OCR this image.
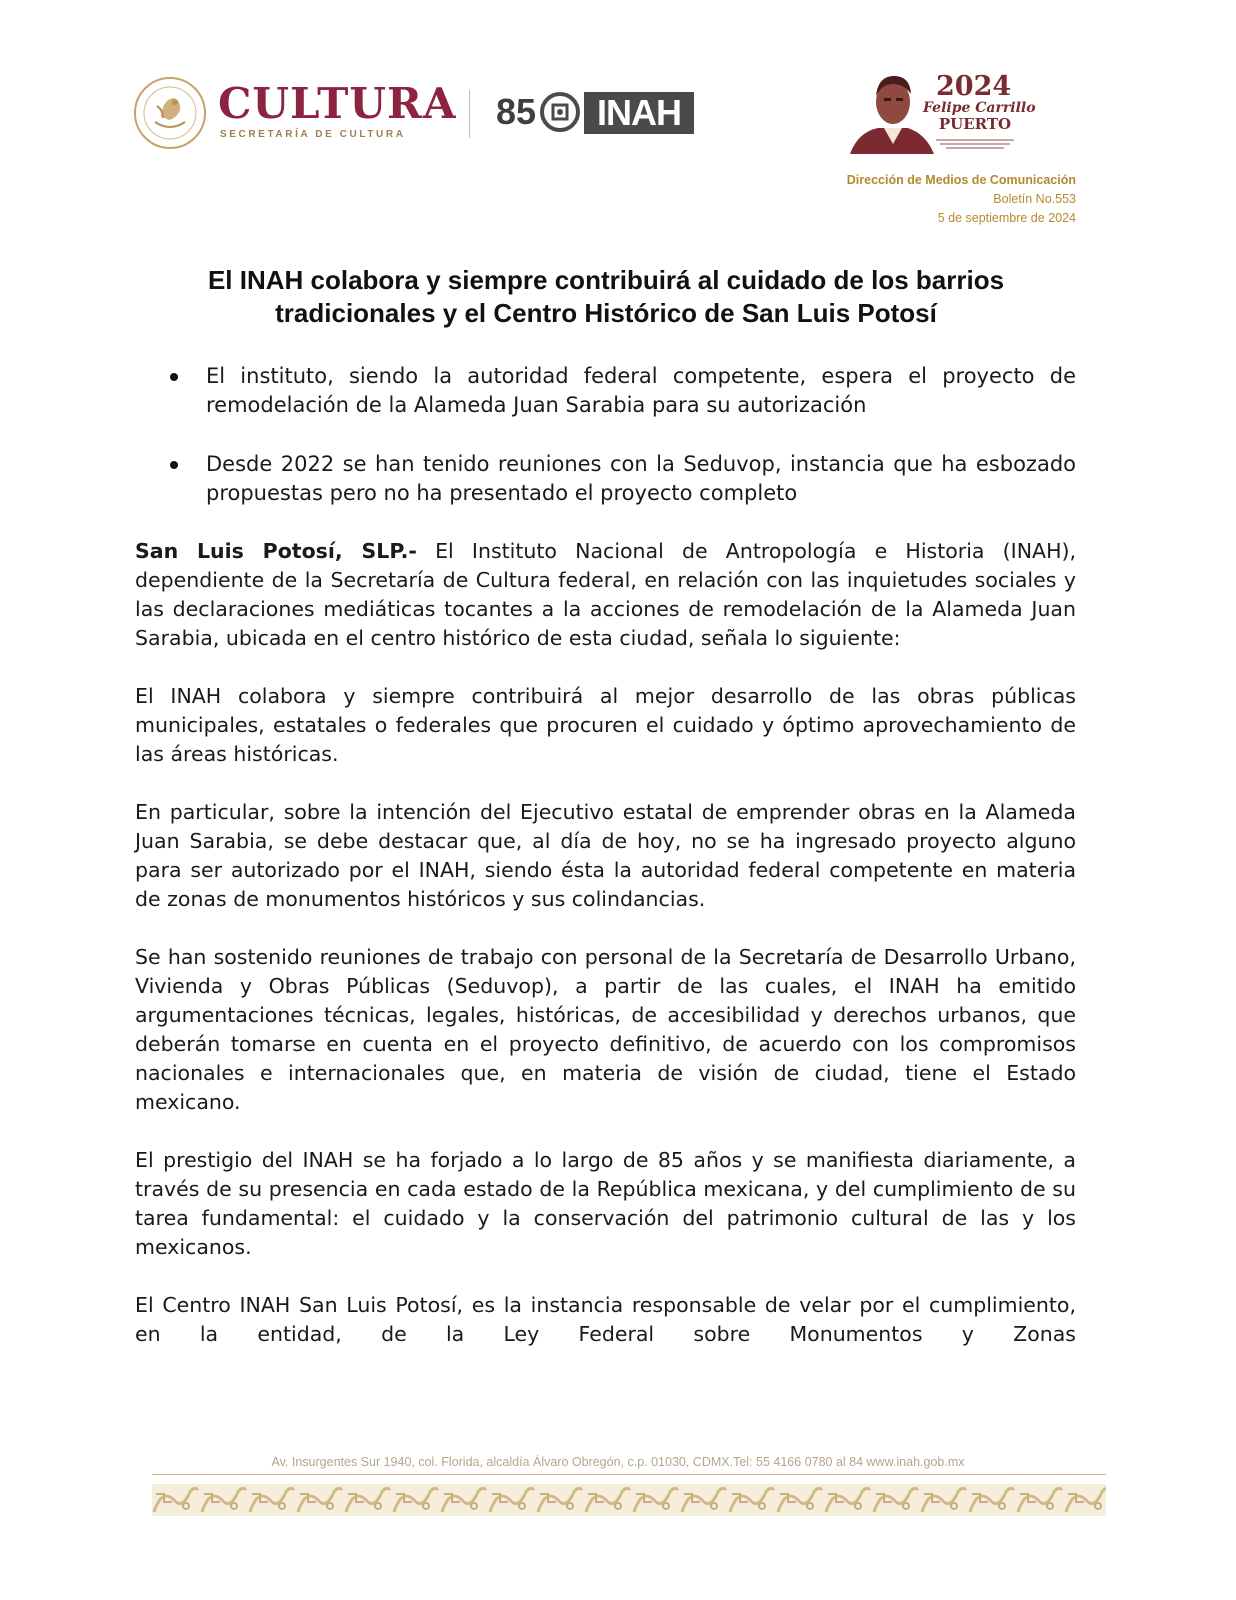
CULTURA
SECRETARÍA DE CULTURA
85	INAH
2024
Felipe Carrillo
PUERTO
Dirección de Medios de Comunicación
Boletín No.553
5 de septiembre de 2024
El INAH colabora y siempre contribuirá al cuidado de los barrios tradicionales y el Centro Histórico de San Luis Potosí
El instituto, siendo la autoridad federal competente, espera el proyecto de remodelación de la Alameda Juan Sarabia para su autorización
Desde 2022 se han tenido reuniones con la Seduvop, instancia que ha esbozado propuestas pero no ha presentado el proyecto completo

San Luis Potosí, SLP.- El Instituto Nacional de Antropología e Historia (INAH), dependiente de la Secretaría de Cultura federal, en relación con las inquietudes sociales y las declaraciones mediáticas tocantes a la acciones de remodelación de la Alameda Juan Sarabia, ubicada en el centro histórico de esta ciudad, señala lo siguiente:

El INAH colabora y siempre contribuirá al mejor desarrollo de las obras públicas municipales, estatales o federales que procuren el cuidado y óptimo aprovechamiento de las áreas históricas.

En particular, sobre la intención del Ejecutivo estatal de emprender obras en la Alameda Juan Sarabia, se debe destacar que, al día de hoy, no se ha ingresado proyecto alguno para ser autorizado por el INAH, siendo ésta la autoridad federal competente en materia de zonas de monumentos históricos y sus colindancias.

Se han sostenido reuniones de trabajo con personal de la Secretaría de Desarrollo Urbano, Vivienda y Obras Públicas (Seduvop), a partir de las cuales, el INAH ha emitido argumentaciones técnicas, legales, históricas, de accesibilidad y derechos urbanos, que deberán tomarse en cuenta en el proyecto definitivo, de acuerdo con los compromisos nacionales e internacionales que, en materia de visión de ciudad, tiene el Estado mexicano.

El prestigio del INAH se ha forjado a lo largo de 85 años y se manifiesta diariamente, a través de su presencia en cada estado de la República mexicana, y del cumplimiento de su tarea fundamental: el cuidado y la conservación del patrimonio cultural de las y los mexicanos.

El Centro INAH San Luis Potosí, es la instancia responsable de velar por el cumplimiento, en la entidad, de la Ley Federal sobre Monumentos y Zonas

Av. Insurgentes Sur 1940, col. Florida, alcaldía Álvaro Obregón, c.p. 01030, CDMX.Tel: 55 4166 0780 al 84 www.inah.gob.mx
